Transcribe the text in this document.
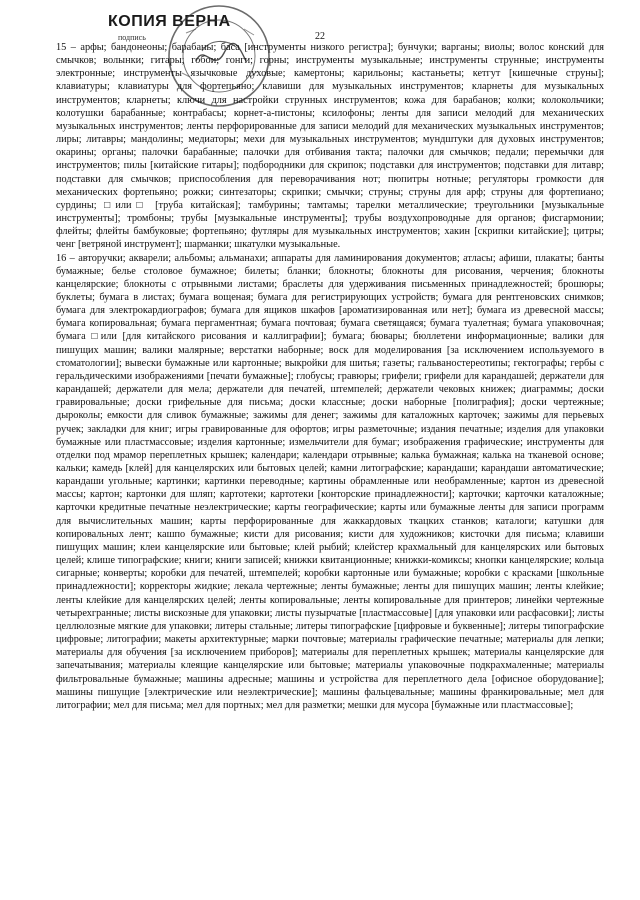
КОПИЯ ВЕРНА
подпись	22

15 – арфы; бандонеоны; барабаны; баса [инструменты низкого регистра]; бунчуки; варганы; виолы; волос конский для смычков; волынки; гитары; гобои; гонги; горны; инструменты музыкальные; инструменты струнные; инструменты электронные; инструменты язычковые духовые; камертоны; карильоны; кастаньеты; кетгут [кишечные струны]; клавиатуры; клавиатуры для фортепьяно; клавиши для музыкальных инструментов; кларнеты для музыкальных инструментов; кларнеты; ключи для настройки струнных инструментов; кожа для барабанов; колки; колокольчики; колотушки барабанные; контрабасы; корнет-а-пистоны; ксилофоны; ленты для записи мелодий для механических музыкальных инструментов; ленты перфорированные для записи мелодий для механических музыкальных инструментов; лиры; литавры; мандолины; медиаторы; мехи для музыкальных инструментов; мундштуки для духовых инструментов; окарины; органы; палочки барабанные; палочки для отбивания такта; палочки для смычков; педали; перемычки для инструментов; пилы [китайские гитары]; подбородники для скрипок; подставки для инструментов; подставки для литавр; подставки для смычков; приспособления для переворачивания нот; пюпитры нотные; регуляторы громкости для механических фортепьяно; рожки; синтезаторы; скрипки; смычки; струны; струны для арф; струны для фортепиано; сурдины; □или□ [труба китайская]; тамбурины; тамтамы; тарелки металлические; треугольники [музыкальные инструменты]; тромбоны; трубы [музыкальные инструменты]; трубы воздухопроводные для органов; фисгармонии; флейты; флейты бамбуковые; фортепьяно; футляры для музыкальных инструментов; хакин [скрипки китайские]; цитры; ченг [ветряной инструмент]; шарманки; шкатулки музыкальные.

16 – авторучки; акварели; альбомы; альманахи; аппараты для ламинирования документов; атласы; афиши, плакаты; банты бумажные; белье столовое бумажное; билеты; бланки; блокноты; блокноты для рисования, черчения; блокноты канцелярские; блокноты с отрывными листами; браслеты для удерживания письменных принадлежностей; брошюры; буклеты; бумага в листах; бумага вощеная; бумага для регистрирующих устройств; бумага для рентгеновских снимков; бумага для электрокардиографов; бумага для ящиков шкафов [ароматизированная или нет]; бумага из древесной массы; бумага копировальная; бумага пергаментная; бумага почтовая; бумага светящаяся; бумага туалетная; бумага упаковочная; бумага □или [для китайского рисования и каллиграфии]; бумага; бювары; бюллетени информационные; валики для пишущих машин; валики малярные; верстатки наборные; воск для моделирования [за исключением используемого в стоматологии]; вывески бумажные или картонные; выкройки для шитья; газеты; гальваностереотипы; гектографы; гербы с геральдическими изображениями [печати бумажные]; глобусы; гравюры; грифели; грифели для карандашей; держатели для карандашей; держатели для мела; держатели для печатей, штемпелей; держатели чековых книжек; диаграммы; доски гравировальные; доски грифельные для письма; доски классные; доски наборные [полиграфия]; доски чертежные; дыроколы; емкости для сливок бумажные; зажимы для денег; зажимы для каталожных карточек; зажимы для перьевых ручек; закладки для книг; игры гравированные для офортов; игры разметочные; издания печатные; изделия для упаковки бумажные или пластмассовые; изделия картонные; измельчители для бумаг; изображения графические; инструменты для отделки под мрамор переплетных крышек; календари; календари отрывные; калька бумажная; калька на тканевой основе; кальки; камедь [клей] для канцелярских или бытовых целей; камни литографские; карандаши; карандаши автоматические; карандаши угольные; картинки; картинки переводные; картины обрамленные или необрамленные; картон из древесной массы; картон; картонки для шляп; картотеки; картотеки [конторские принадлежности]; карточки; карточки каталожные; карточки кредитные печатные неэлектрические; карты географические; карты или бумажные ленты для записи программ для вычислительных машин; карты перфорированные для жаккардовых ткацких станков; каталоги; катушки для копировальных лент; кашпо бумажные; кисти для рисования; кисти для художников; кисточки для письма; клавиши пишущих машин; клеи канцелярские или бытовые; клей рыбий; клейстер крахмальный для канцелярских или бытовых целей; клише типографские; книги; книги записей; книжки квитанционные; книжки-комиксы; кнопки канцелярские; кольца сигарные; конверты; коробки для печатей, штемпелей; коробки картонные или бумажные; коробки с красками [школьные принадлежности]; корректоры жидкие; лекала чертежные; ленты бумажные; ленты для пишущих машин; ленты клейкие; ленты клейкие для канцелярских целей; ленты копировальные; ленты копировальные для принтеров; линейки чертежные четырехгранные; листы вискозные для упаковки; листы пузырчатые [пластмассовые] [для упаковки или расфасовки]; листы целлюлозные мягкие для упаковки; литеры стальные; литеры типографские [цифровые и буквенные]; литеры типографские цифровые; литографии; макеты архитектурные; марки почтовые; материалы графические печатные; материалы для лепки; материалы для обучения [за исключением приборов]; материалы для переплетных крышек; материалы канцелярские для запечатывания; материалы клеящие канцелярские или бытовые; материалы упаковочные подкрахмаленные; материалы фильтровальные бумажные; машины адресные; машины и устройства для переплетного дела [офисное оборудование]; машины пишущие [электрические или неэлектрические]; машины фальцевальные; машины франкировальные; мел для литографии; мел для письма; мел для портных; мел для разметки; мешки для мусора [бумажные или пластмассовые];
